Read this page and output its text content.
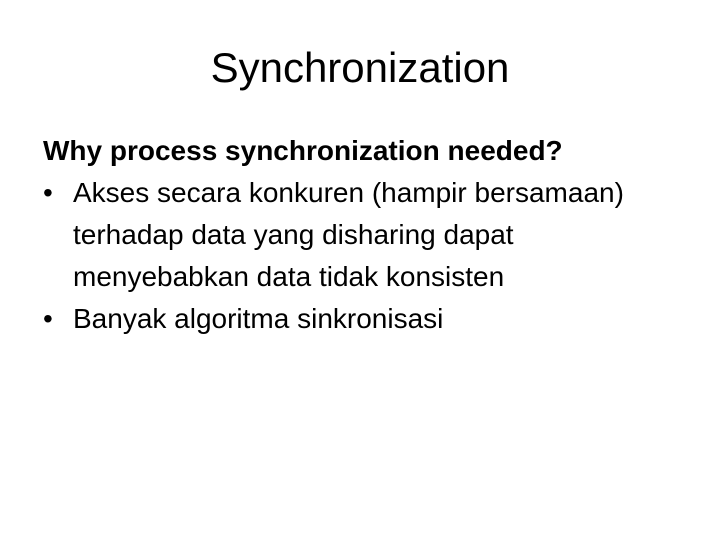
Synchronization

Why process synchronization needed?

• Akses secara konkuren (hampir bersamaan) terhadap data yang disharing dapat menyebabkan data tidak konsisten
• Banyak algoritma sinkronisasi
